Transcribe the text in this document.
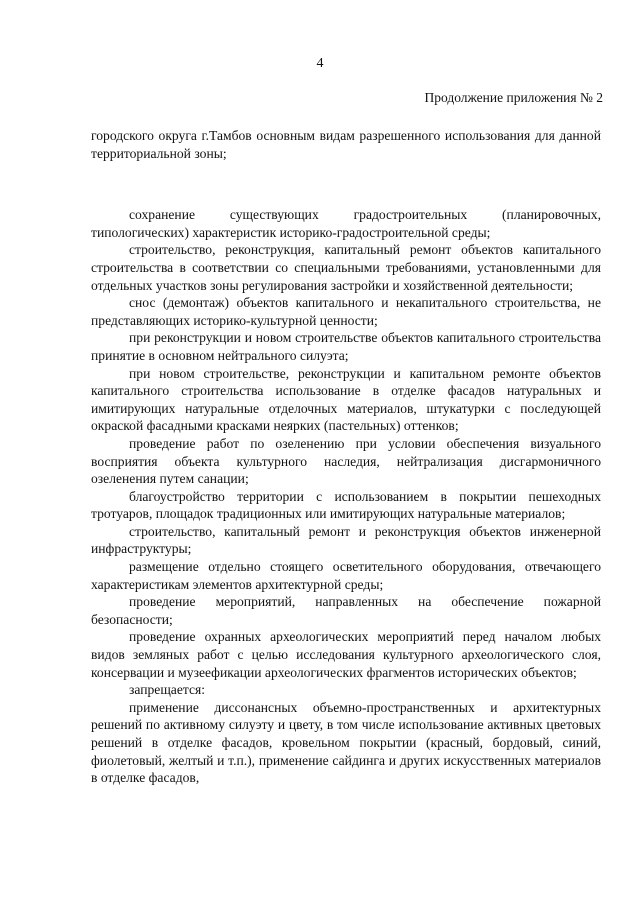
4
Продолжение приложения № 2

городского округа г.Тамбов основным видам разрешенного использования для данной территориальной зоны;

сохранение существующих градостроительных (планировочных, типологических) характеристик историко-градостроительной среды;

строительство, реконструкция, капитальный ремонт объектов капитального строительства в соответствии со специальными требованиями, установленными для отдельных участков зоны регулирования застройки и хозяйственной деятельности;

снос (демонтаж) объектов капитального и некапитального строительства, не представляющих историко-культурной ценности;

при реконструкции и новом строительстве объектов капитального строительства принятие в основном нейтрального силуэта;

при новом строительстве, реконструкции и капитальном ремонте объектов капитального строительства использование в отделке фасадов натуральных и имитирующих натуральные отделочных материалов, штукатурки с последующей окраской фасадными красками неярких (пастельных) оттенков;

проведение работ по озеленению при условии обеспечения визуального восприятия объекта культурного наследия, нейтрализация дисгармоничного озеленения путем санации;

благоустройство территории с использованием в покрытии пешеходных тротуаров, площадок традиционных или имитирующих натуральные материалов;

строительство, капитальный ремонт и реконструкция объектов инженерной инфраструктуры;

размещение отдельно стоящего осветительного оборудования, отвечающего характеристикам элементов архитектурной среды;

проведение мероприятий, направленных на обеспечение пожарной безопасности;

проведение охранных археологических мероприятий перед началом любых видов земляных работ с целью исследования культурного археологического слоя, консервации и музеефикации археологических фрагментов исторических объектов;

запрещается:

применение диссонансных объемно-пространственных и архитектурных решений по активному силуэту и цвету, в том числе использование активных цветовых решений в отделке фасадов, кровельном покрытии (красный, бордовый, синий, фиолетовый, желтый и т.п.), применение сайдинга и других искусственных материалов в отделке фасадов,
